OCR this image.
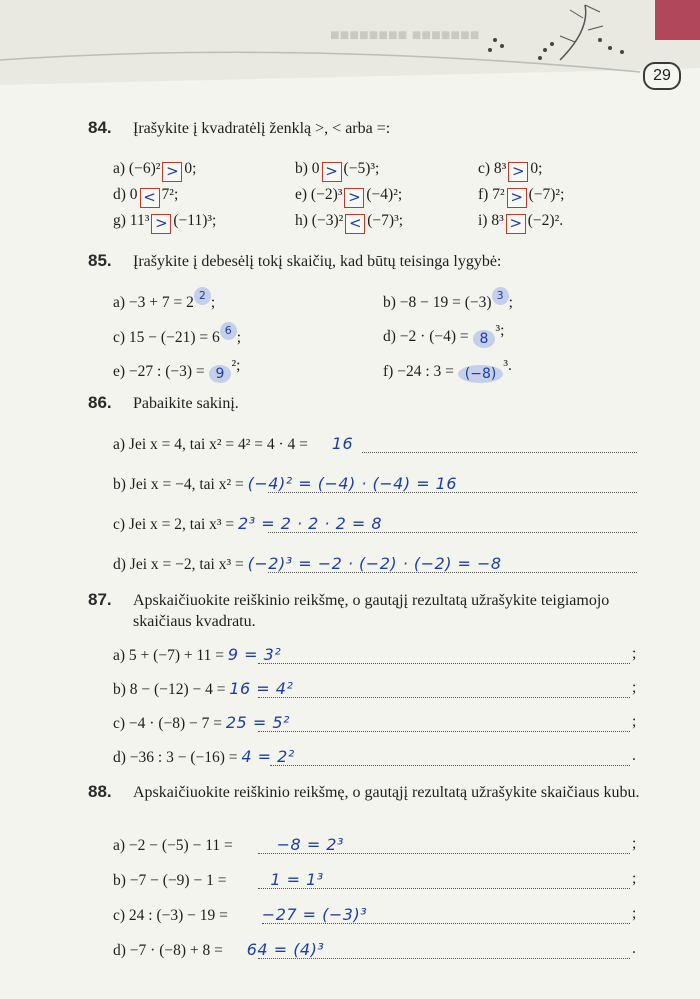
■■■■■■■■ ■■■■■■■
29
84. Įrašykite į kvadratėlį ženklą >, < arba =:
a) (−6)² > 0;	b) 0 > (−5)³;	c) 8³ > 0;
d) 0 < 7²;	e) (−2)³ > (−4)²;	f) 7² > (−7)²;
g) 11³ > (−11)³;	h) (−3)² < (−7)³;	i) 8³ > (−2)².
85. Įrašykite į debesėlį tokį skaičių, kad būtų teisinga lygybė:
a) −3 + 7 = 2 2 ;	b) −8 − 19 = (−3) 3 ;
c) 15 − (−21) = 6 6 ;	d) −2 · (−4) = 8 ³;
e) −27 : (−3) = 9 ²;	f) −24 : 3 = (−8) ³.

86. Pabaikite sakinį.
a) Jei x = 4, tai x² = 4² = 4 · 4 = 16
b) Jei x = −4, tai x² = (−4)² = (−4) · (−4) = 16
c) Jei x = 2, tai x³ = 2³ = 2 · 2 · 2 = 8
d) Jei x = −2, tai x³ = (−2)³ = −2 · (−2) · (−2) = −8
87. Apskaičiuokite reiškinio reikšmę, o gautąjį rezultatą užrašykite teigiamojo skaičiaus kvadratu.
a) 5 + (−7) + 11 = 9 = 3²	;
b) 8 − (−12) − 4 = 16 = 4²	;
c) −4 · (−8) − 7 = 25 = 5²	;
d) −36 : 3 − (−16) = 4 = 2²	.
88. Apskaičiuokite reiškinio reikšmę, o gautąjį rezultatą užrašykite skaičiaus kubu.
a) −2 − (−5) − 11 =	−8 = 2³	;
b) −7 − (−9) − 1 =	1 = 1³	;
c) 24 : (−3) − 19 = −27 = (−3)³	;
d) −7 · (−8) + 8 = 64 = (4)³	.
